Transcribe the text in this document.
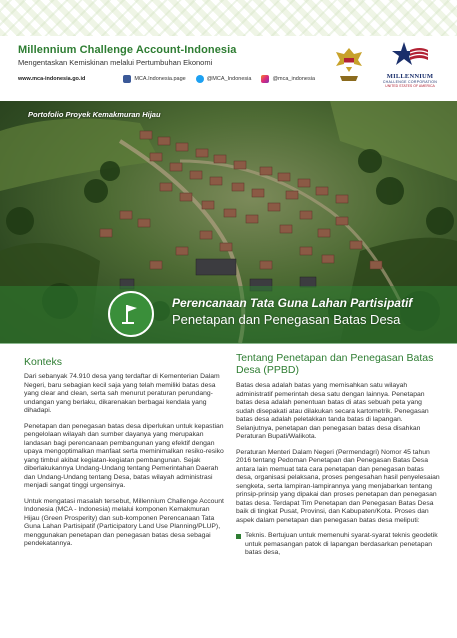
Millennium Challenge Account-Indonesia
Mengentaskan Kemiskinan melalui Pertumbuhan Ekonomi
www.mca-indonesia.go.id	MCA.Indonesia.page	@MCA_Indonesia	@mca_indonesia	MILLENNIUM
CHALLENGE CORPORATION
UNITED STATES OF AMERICA
Portofolio Proyek Kemakmuran Hijau
Perencanaan Tata Guna Lahan Partisipatif
Penetapan dan Penegasan Batas Desa
Konteks

Dari sebanyak 74.910 desa yang terdaftar di Kementerian Dalam Negeri, baru sebagian kecil saja yang telah memiliki batas desa yang clear and clean, serta sah menurut peraturan perundang-undangan yang berlaku, dikarenakan berbagai kendala yang dihadapi.

Penetapan dan penegasan batas desa diperlukan untuk kepastian pengelolaan wilayah dan sumber dayanya yang merupakan landasan bagi perencanaan pembangunan yang efektif dengan upaya mengoptimalkan manfaat serta meminimalkan resiko-resiko yang timbul akibat kegiatan-kegiatan pembangunan. Sejak diberlakukannya Undang-Undang tentang Pemerintahan Daerah dan Undang-Undang tentang Desa, batas wilayah administrasi menjadi sangat tinggi urgensinya.

Untuk mengatasi masalah tersebut, Millennium Challenge Account Indonesia (MCA - Indonesia) melalui komponen Kemakmuran Hijau (Green Prosperity) dan sub-komponen Perencanaan Tata Guna Lahan Partisipatif (Participatory Land Use Planning/PLUP), menggunakan penetapan dan penegasan batas desa sebagai pendekatannya.

Tentang Penetapan dan Penegasan Batas Desa (PPBD)

Batas desa adalah batas yang memisahkan satu wilayah administratif pemerintah desa satu dengan lainnya. Penetapan batas desa adalah penentuan batas di atas sebuah peta yang sudah disepakati atau dilakukan secara kartometrik. Penegasan batas desa adalah peletakkan tanda batas di lapangan. Selanjutnya, penetapan dan penegasan batas desa disahkan Peraturan Bupati/Walikota.

Peraturan Menteri Dalam Negeri (Permendagri) Nomor 45 tahun 2016 tentang Pedoman Penetapan dan Penegasan Batas Desa antara lain memuat tata cara penetapan dan penegasan batas desa, organisasi pelaksana, proses pengesahan hasil penyelesaian sengketa, serta lampiran-lampirannya yang menjabarkan tentang prinsip-prinsip yang dipakai dan proses penetapan dan penegasan batas desa. Terdapat Tim Penetapan dan Penegasan Batas Desa baik di tingkat Pusat, Provinsi, dan Kabupaten/Kota. Proses dan aspek dalam penetapan dan penegasan batas desa meliputi:

Teknis. Bertujuan untuk memenuhi syarat-syarat teknis geodetik untuk pemasangan patok di lapangan berdasarkan penetapan batas desa,
